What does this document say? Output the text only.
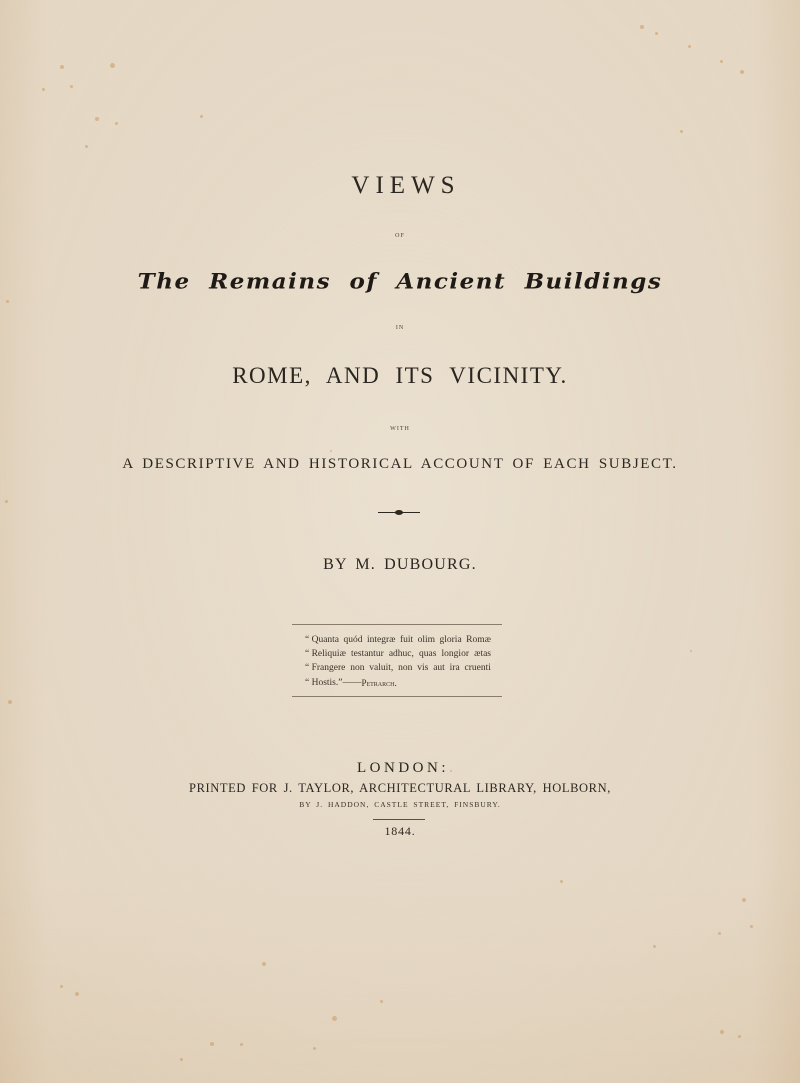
VIEWS
OF
The Remains of Ancient Buildings
IN
ROME, AND ITS VICINITY.
WITH
A DESCRIPTIVE AND HISTORICAL ACCOUNT OF EACH SUBJECT.
BY M. DUBOURG.
“ Quanta quód integræ fuit olim gloria Romæ
“ Reliquiæ testantur adhuc, quas longior ætas
“ Frangere non valuit, non vis aut ira cruenti
“ Hostis.”—— Petrarch.
LONDON:
PRINTED FOR J. TAYLOR, ARCHITECTURAL LIBRARY, HOLBORN,
BY J. HADDON, CASTLE STREET, FINSBURY.
1844.
